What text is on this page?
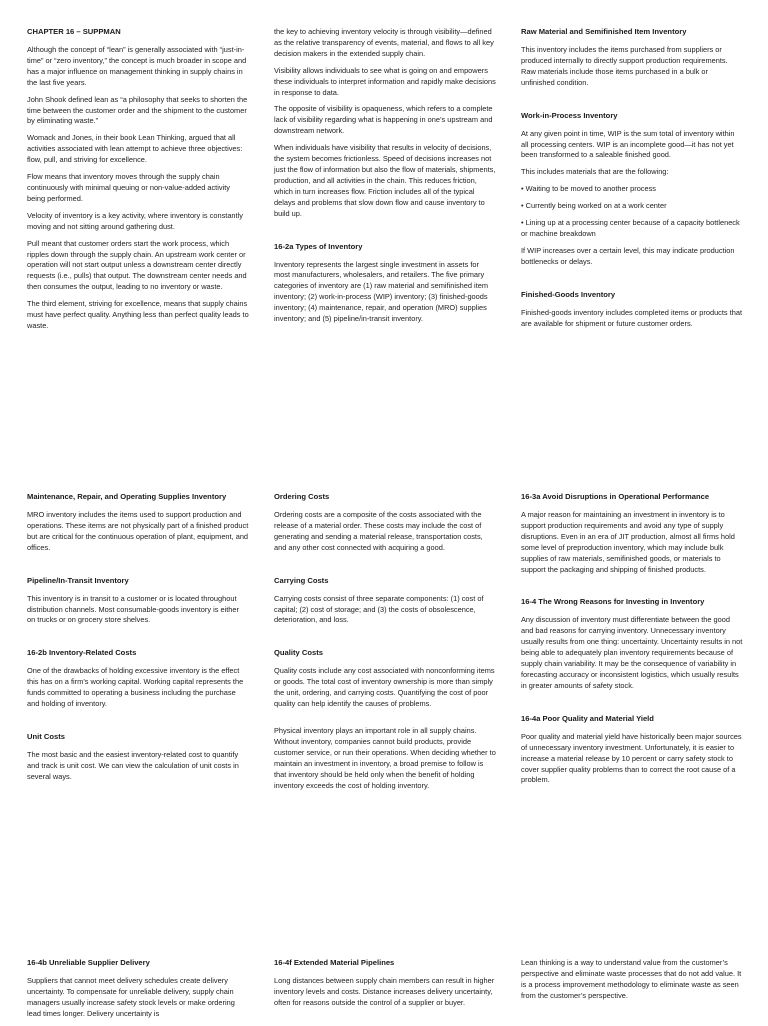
CHAPTER 16 – SUPPMAN

Although the concept of “lean” is generally associated with “just-in-time” or “zero inventory,” the concept is much broader in scope and has a major influence on management thinking in supply chains in the last five years.

John Shook defined lean as “a philosophy that seeks to shorten the time between the customer order and the shipment to the customer by eliminating waste.”

Womack and Jones, in their book Lean Thinking, argued that all activities associated with lean attempt to achieve three objectives: flow, pull, and striving for excellence.

Flow means that inventory moves through the supply chain continuously with minimal queuing or non-value-added activity being performed.

Velocity of inventory is a key activity, where inventory is constantly moving and not sitting around gathering dust.

Pull meant that customer orders start the work process, which ripples down through the supply chain. An upstream work center or operation will not start output unless a downstream center directly requests (i.e., pulls) that output. The downstream center needs and then consumes the output, leading to no inventory or waste.

The third element, striving for excellence, means that supply chains must have perfect quality. Anything less than perfect quality leads to waste.

the key to achieving inventory velocity is through visibility—defined as the relative transparency of events, material, and flows to all key decision makers in the extended supply chain.

Visibility allows individuals to see what is going on and empowers these individuals to interpret information and rapidly make decisions in response to data.

The opposite of visibility is opaqueness, which refers to a complete lack of visibility regarding what is happening in one’s upstream and downstream network.

When individuals have visibility that results in velocity of decisions, the system becomes frictionless. Speed of decisions increases not just the flow of information but also the flow of materials, shipments, production, and all activities in the chain. This reduces friction, which in turn increases flow. Friction includes all of the typical delays and problems that slow down flow and cause inventory to build up.

16-2a Types of Inventory

Inventory represents the largest single investment in assets for most manufacturers, wholesalers, and retailers. The five primary categories of inventory are (1) raw material and semifinished item inventory; (2) work-in-process (WIP) inventory; (3) finished-goods inventory; (4) maintenance, repair, and operation (MRO) supplies inventory; and (5) pipeline/in-transit inventory.

Raw Material and Semifinished Item Inventory

This inventory includes the items purchased from suppliers or produced internally to directly support production requirements. Raw materials include those items purchased in a bulk or unfinished condition.

Work-in-Process Inventory

At any given point in time, WIP is the sum total of inventory within all processing centers. WIP is an incomplete good—it has not yet been transformed to a saleable finished good.

This includes materials that are the following:

• Waiting to be moved to another process

• Currently being worked on at a work center

• Lining up at a processing center because of a capacity bottleneck or machine breakdown

If WIP increases over a certain level, this may indicate production bottlenecks or delays.

Finished-Goods Inventory

Finished-goods inventory includes completed items or products that are available for shipment or future customer orders.

Maintenance, Repair, and Operating Supplies Inventory

MRO inventory includes the items used to support production and operations. These items are not physically part of a finished product but are critical for the continuous operation of plant, equipment, and offices.

Pipeline/In-Transit Inventory

This inventory is in transit to a customer or is located throughout distribution channels. Most consumable-goods inventory is either on trucks or on grocery store shelves.

16-2b Inventory-Related Costs

One of the drawbacks of holding excessive inventory is the effect this has on a firm’s working capital. Working capital represents the funds committed to operating a business including the purchase and holding of inventory.

Unit Costs

The most basic and the easiest inventory-related cost to quantify and track is unit cost. We can view the calculation of unit costs in several ways.

Ordering Costs

Ordering costs are a composite of the costs associated with the release of a material order. These costs may include the cost of generating and sending a material release, transportation costs, and any other cost connected with acquiring a good.

Carrying Costs

Carrying costs consist of three separate components: (1) cost of capital; (2) cost of storage; and (3) the costs of obsolescence, deterioration, and loss.

Quality Costs

Quality costs include any cost associated with nonconforming items or goods. The total cost of inventory ownership is more than simply the unit, ordering, and carrying costs. Quantifying the cost of poor quality can help identify the causes of problems.

Physical inventory plays an important role in all supply chains. Without inventory, companies cannot build products, provide customer service, or run their operations. When deciding whether to maintain an investment in inventory, a broad premise to follow is that inventory should be held only when the benefit of holding inventory exceeds the cost of holding inventory.

16-3a Avoid Disruptions in Operational Performance

A major reason for maintaining an investment in inventory is to support production requirements and avoid any type of supply disruptions. Even in an era of JIT production, almost all firms hold some level of preproduction inventory, which may include bulk supplies of raw materials, semifinished goods, or materials to support the packaging and shipping of finished products.

16-4 The Wrong Reasons for Investing in Inventory

Any discussion of inventory must differentiate between the good and bad reasons for carrying inventory. Unnecessary inventory usually results from one thing: uncertainty. Uncertainty results in not being able to adequately plan inventory requirements because of supply chain variability. It may be the consequence of variability in forecasting accuracy or inconsistent logistics, which usually results in greater amounts of safety stock.

16-4a Poor Quality and Material Yield

Poor quality and material yield have historically been major sources of unnecessary inventory investment. Unfortunately, it is easier to increase a material release by 10 percent or carry safety stock to cover supplier quality problems than to correct the root cause of a problem.

16-4b Unreliable Supplier Delivery

Suppliers that cannot meet delivery schedules create delivery uncertainty. To compensate for unreliable delivery, supply chain managers usually increase safety stock levels or make ordering lead times longer. Delivery uncertainty is

16-4f Extended Material Pipelines

Long distances between supply chain members can result in higher inventory levels and costs. Distance increases delivery uncertainty, often for reasons outside the control of a supplier or buyer.

Lean thinking is a way to understand value from the customer’s perspective and eliminate waste processes that do not add value. It is a process improvement methodology to eliminate waste as seen from the customer’s perspective.
